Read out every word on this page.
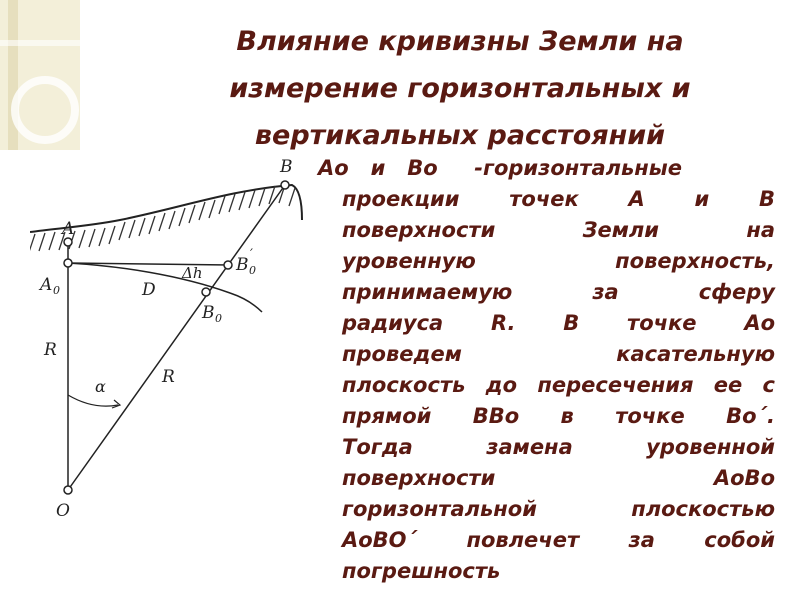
Влияние кривизны Земли на
измерение горизонтальных и
вертикальных расстояний
B
A
A 0
B 0
′
Δh
D
B 0
R
R
α
O
Ао и Во -горизонтальные
проекции точек А и В
поверхности Земли на
уровенную поверхность,
принимаемую за сферу
радиуса R. В точке Ао
проведем касательную
плоскость до пересечения ее с
прямой ВВо в точке Во´.
Тогда замена уровенной
поверхности АоВо
горизонтальной плоскостью
АоВО´ повлечет за собой
погрешность
